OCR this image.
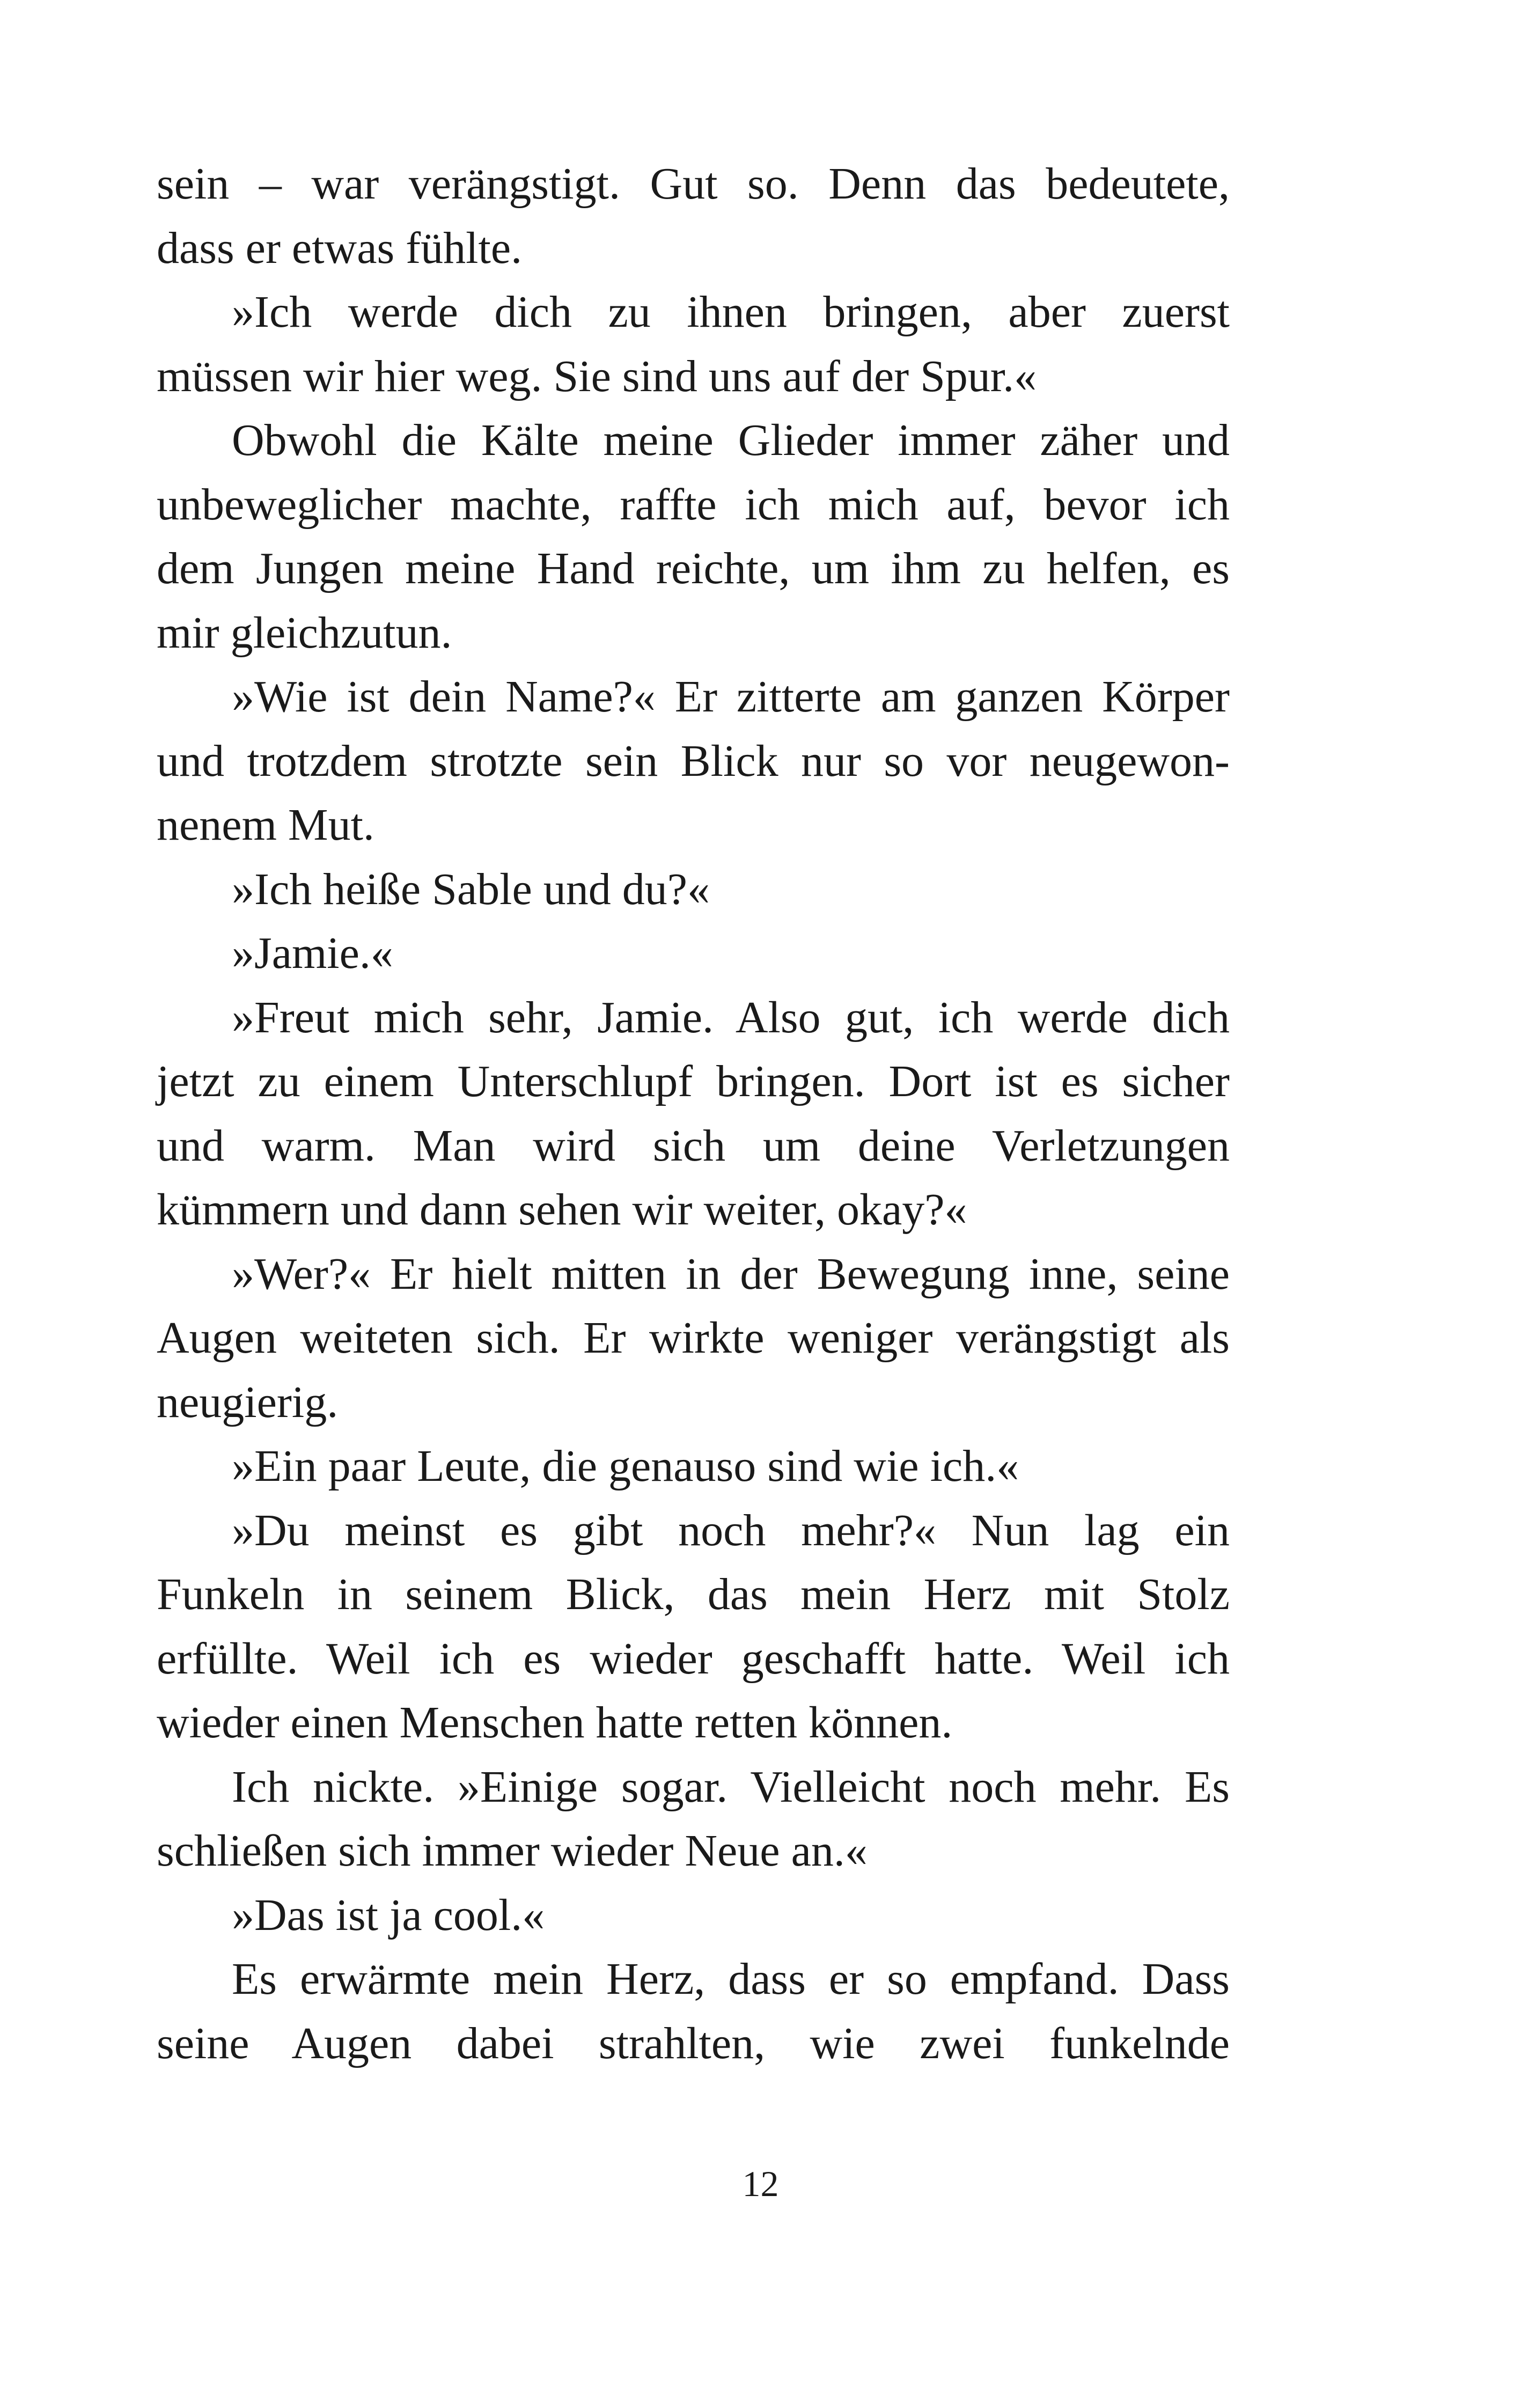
sein – war verängstigt. Gut so. Denn das bedeutete,
dass er etwas fühlte.
»Ich werde dich zu ihnen bringen, aber zuerst
müssen wir hier weg. Sie sind uns auf der Spur.«
Obwohl die Kälte meine Glieder immer zäher und
unbeweglicher machte, raffte ich mich auf, bevor ich
dem Jungen meine Hand reichte, um ihm zu helfen, es
mir gleichzutun.
»Wie ist dein Name?« Er zitterte am ganzen Körper
und trotzdem strotzte sein Blick nur so vor neugewon-
nenem Mut.
»Ich heiße Sable und du?«
»Jamie.«
»Freut mich sehr, Jamie. Also gut, ich werde dich
jetzt zu einem Unterschlupf bringen. Dort ist es sicher
und warm. Man wird sich um deine Verletzungen
kümmern und dann sehen wir weiter, okay?«
»Wer?« Er hielt mitten in der Bewegung inne, seine
Augen weiteten sich. Er wirkte weniger verängstigt als
neugierig.
»Ein paar Leute, die genauso sind wie ich.«
»Du meinst es gibt noch mehr?« Nun lag ein
Funkeln in seinem Blick, das mein Herz mit Stolz
erfüllte. Weil ich es wieder geschafft hatte. Weil ich
wieder einen Menschen hatte retten können.
Ich nickte. »Einige sogar. Vielleicht noch mehr. Es
schließen sich immer wieder Neue an.«
»Das ist ja cool.«
Es erwärmte mein Herz, dass er so empfand. Dass
seine Augen dabei strahlten, wie zwei funkelnde
12
